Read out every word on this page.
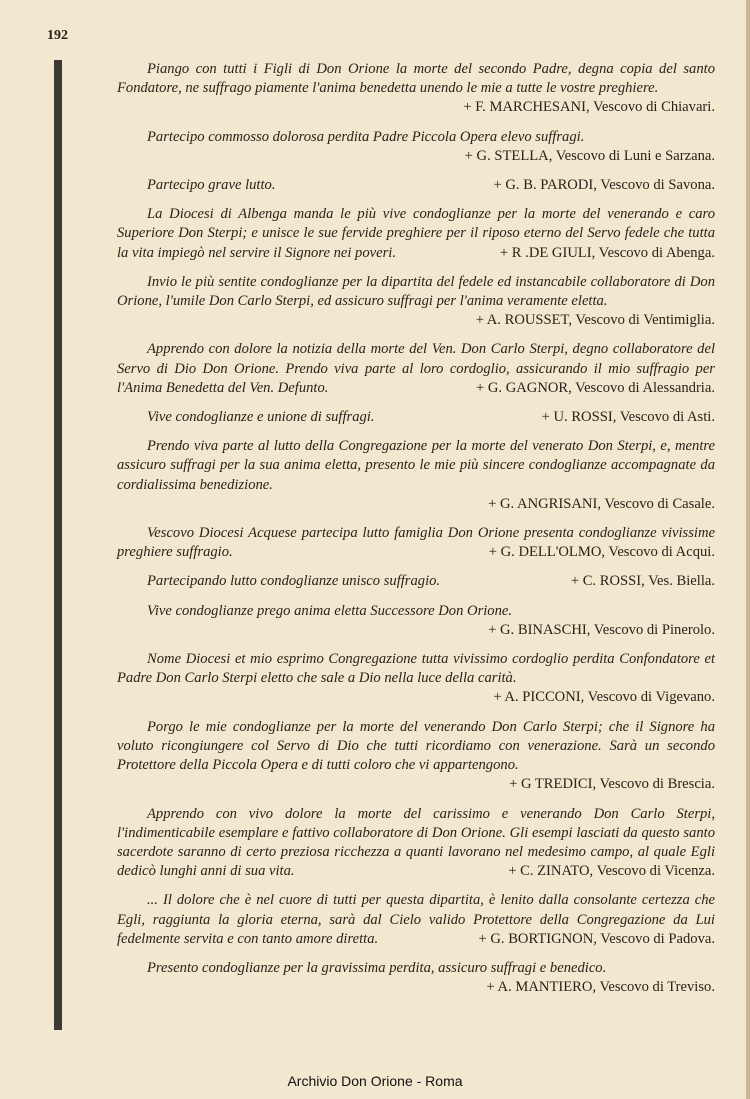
192

Piango con tutti i Figli di Don Orione la morte del secondo Padre, degna copia del santo Fondatore, ne suffrago piamente l'anima benedetta unendo le mie a tutte le vostre preghiere.
+ F. MARCHESANI, Vescovo di Chiavari.

Partecipo commosso dolorosa perdita Padre Piccola Opera elevo suffragi.

+ G. STELLA, Vescovo di Luni e Sarzana.

Partecipo grave lutto.	+ G. B. PARODI, Vescovo di Savona.

La Diocesi di Albenga manda le più vive condoglianze per la morte del venerando e caro Superiore Don Sterpi; e unisce le sue fervide preghiere per il riposo eterno del Servo fedele che tutta la vita impiegò nel servire il Signore nei poveri.	+ R .DE GIULI, Vescovo di Abenga.

Invio le più sentite condoglianze per la dipartita del fedele ed instancabile collaboratore di Don Orione, l'umile Don Carlo Sterpi, ed assicuro suffragi per l'anima veramente eletta.
+ A. ROUSSET, Vescovo di Ventimiglia.

Apprendo con dolore la notizia della morte del Ven. Don Carlo Sterpi, degno collaboratore del Servo di Dio Don Orione. Prendo viva parte al loro cordoglio, assicurando il mio suffragio per l'Anima Benedetta del Ven. Defunto.	+ G. GAGNOR, Vescovo di Alessandria.

Vive condoglianze e unione di suffragi.	+ U. ROSSI, Vescovo di Asti.

Prendo viva parte al lutto della Congregazione per la morte del venerato Don Sterpi, e, mentre assicuro suffragi per la sua anima eletta, presento le mie più sincere condoglianze accompagnate da cordialissima benedizione.

+ G. ANGRISANI, Vescovo di Casale.

Vescovo Diocesi Acquese partecipa lutto famiglia Don Orione presenta condoglianze vivissime preghiere suffragio.	+ G. DELL'OLMO, Vescovo di Acqui.

Partecipando lutto condoglianze unisco suffragio.	+ C. ROSSI, Ves. Biella.

Vive condoglianze prego anima eletta Successore Don Orione.

+ G. BINASCHI, Vescovo di Pinerolo.

Nome Diocesi et mio esprimo Congregazione tutta vivissimo cordoglio perdita Confondatore et Padre Don Carlo Sterpi eletto che sale a Dio nella luce della carità.
+ A. PICCONI, Vescovo di Vigevano.

Porgo le mie condoglianze per la morte del venerando Don Carlo Sterpi; che il Signore ha voluto ricongiungere col Servo di Dio che tutti ricordiamo con venerazione. Sarà un secondo Protettore della Piccola Opera e di tutti coloro che vi appartengono.
+ G TREDICI, Vescovo di Brescia.

Apprendo con vivo dolore la morte del carissimo e venerando Don Carlo Sterpi, l'indimenticabile esemplare e fattivo collaboratore di Don Orione. Gli esempi lasciati da questo santo sacerdote saranno di certo preziosa ricchezza a quanti lavorano nel medesimo campo, al quale Egli dedicò lunghi anni di sua vita.	+ C. ZINATO, Vescovo di Vicenza.

... Il dolore che è nel cuore di tutti per questa dipartita, è lenito dalla consolante certezza che Egli, raggiunta la gloria eterna, sarà dal Cielo valido Protettore della Congregazione da Lui fedelmente servita e con tanto amore diretta.	+ G. BORTIGNON, Vescovo di Padova.

Presento condoglianze per la gravissima perdita, assicuro suffragi e benedico.
+ A. MANTIERO, Vescovo di Treviso.

Archivio Don Orione - Roma
